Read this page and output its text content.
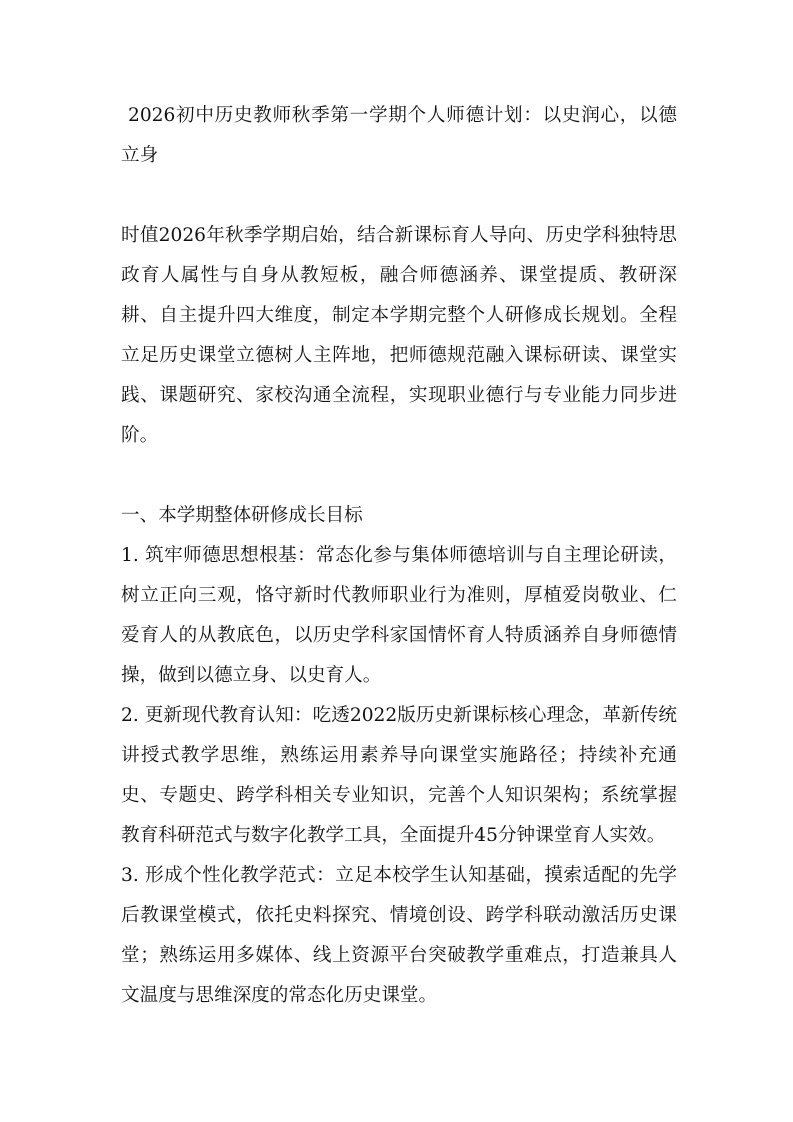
2026初中历史教师秋季第一学期个人师德计划：以史润心，以德立身

时值2026年秋季学期启始，结合新课标育人导向、历史学科独特思政育人属性与自身从教短板，融合师德涵养、课堂提质、教研深耕、自主提升四大维度，制定本学期完整个人研修成长规划。全程立足历史课堂立德树人主阵地，把师德规范融入课标研读、课堂实践、课题研究、家校沟通全流程，实现职业德行与专业能力同步进阶。

一、本学期整体研修成长目标

1. 筑牢师德思想根基：常态化参与集体师德培训与自主理论研读，树立正向三观，恪守新时代教师职业行为准则，厚植爱岗敬业、仁爱育人的从教底色，以历史学科家国情怀育人特质涵养自身师德情操，做到以德立身、以史育人。

2. 更新现代教育认知：吃透2022版历史新课标核心理念，革新传统讲授式教学思维，熟练运用素养导向课堂实施路径；持续补充通史、专题史、跨学科相关专业知识，完善个人知识架构；系统掌握教育科研范式与数字化教学工具，全面提升45分钟课堂育人实效。

3. 形成个性化教学范式：立足本校学生认知基础，摸索适配的先学后教课堂模式，依托史料探究、情境创设、跨学科联动激活历史课堂；熟练运用多媒体、线上资源平台突破教学重难点，打造兼具人文温度与思维深度的常态化历史课堂。
